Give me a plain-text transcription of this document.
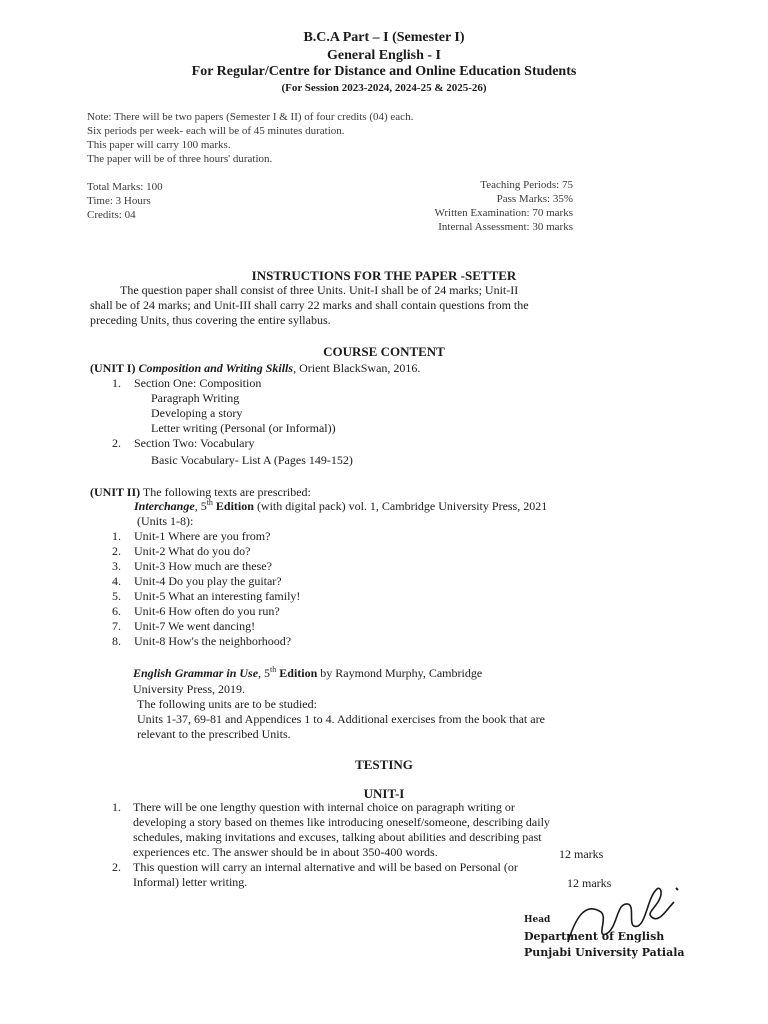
B.C.A Part – I (Semester I)
General English - I
For Regular/Centre for Distance and Online Education Students
(For Session 2023-2024, 2024-25 & 2025-26)
Note: There will be two papers (Semester I & II) of four credits (04) each.
Six periods per week- each will be of 45 minutes duration.
This paper will carry 100 marks.
The paper will be of three hours' duration.
Total Marks: 100
Time: 3 Hours
Credits: 04
Teaching Periods: 75
Pass Marks: 35%
Written Examination: 70 marks
Internal Assessment: 30 marks
INSTRUCTIONS FOR THE PAPER -SETTER
The question paper shall consist of three Units. Unit-I shall be of 24 marks; Unit-II
shall be of 24 marks; and Unit-III shall carry 22 marks and shall contain questions from the
preceding Units, thus covering the entire syllabus.
COURSE CONTENT
(UNIT I) Composition and Writing Skills, Orient BlackSwan, 2016.
1. Section One: Composition
Paragraph Writing
Developing a story
Letter writing (Personal (or Informal))
2. Section Two: Vocabulary
Basic Vocabulary- List A (Pages 149-152)
(UNIT II) The following texts are prescribed:
Interchange, 5th Edition (with digital pack) vol. 1, Cambridge University Press, 2021
(Units 1-8):
1. Unit-1 Where are you from?
2. Unit-2 What do you do?
3. Unit-3 How much are these?
4. Unit-4 Do you play the guitar?
5. Unit-5 What an interesting family!
6. Unit-6 How often do you run?
7. Unit-7 We went dancing!
8. Unit-8 How's the neighborhood?
English Grammar in Use, 5th Edition by Raymond Murphy, Cambridge
University Press, 2019.
The following units are to be studied:
Units 1-37, 69-81 and Appendices 1 to 4. Additional exercises from the book that are
relevant to the prescribed Units.
TESTING
UNIT-I
1. There will be one lengthy question with internal choice on paragraph writing or
developing a story based on themes like introducing oneself/someone, describing daily
schedules, making invitations and excuses, talking about abilities and describing past
experiences etc. The answer should be in about 350-400 words.	12 marks
2. This question will carry an internal alternative and will be based on Personal (or
Informal) letter writing.	12 marks
Head
Department of English
Punjabi University Patiala
